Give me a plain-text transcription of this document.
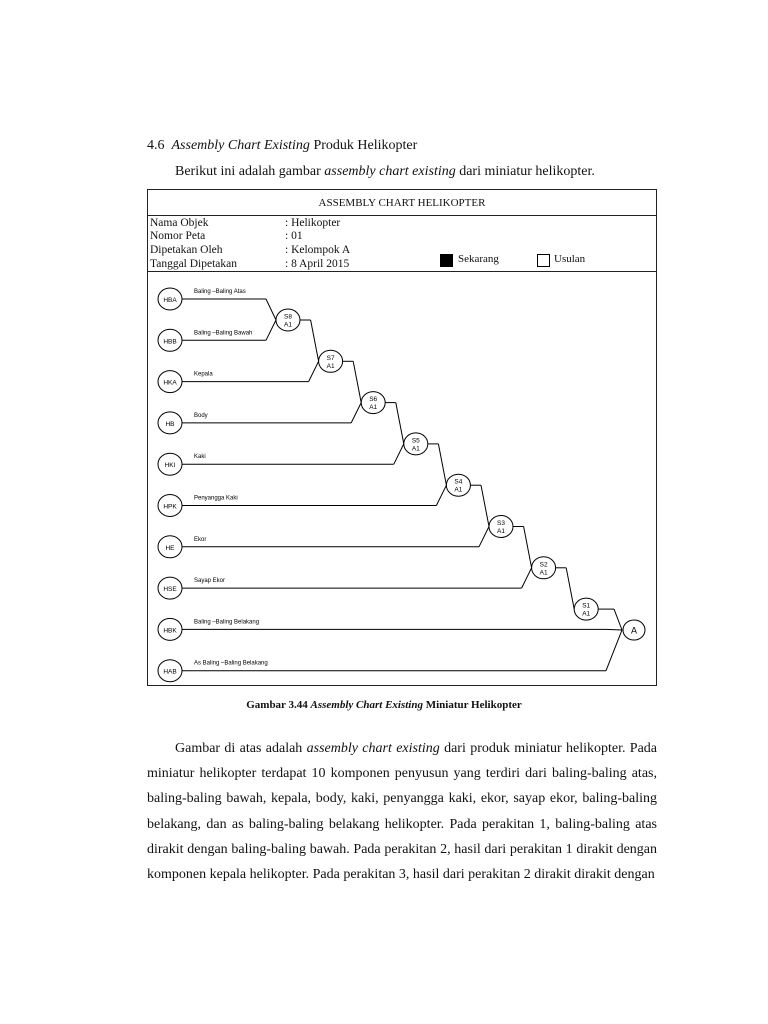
4.6 Assembly Chart Existing Produk Helikopter
Berikut ini adalah gambar assembly chart existing dari miniatur helikopter.
ASSEMBLY CHART HELIKOPTER
Nama Objek	: Helikopter
Nomor Peta	: 01
Dipetakan Oleh	: Kelompok A
Tanggal Dipetakan	: 8 April 2015	Sekarang	Usulan
HBA
Baling –Baling Atas
HBB
Baling –Baling Bawah
HKA
Kepala
HB
Body
HKI
Kaki
HPK
Penyangga Kaki
HE
Ekor
HSE
Sayap Ekor
HBK
Baling –Baling Belakang
HAB
As Baling –Baling Belakang
S8
A1
S7
A1
S6
A1
S5
A1
S4
A1
S3
A1
S2
A1
S1
A1
A
Gambar 3.44 Assembly Chart Existing Miniatur Helikopter

Gambar di atas adalah assembly chart existing dari produk miniatur helikopter. Pada miniatur helikopter terdapat 10 komponen penyusun yang terdiri dari baling-baling atas, baling-baling bawah, kepala, body, kaki, penyangga kaki, ekor, sayap ekor, baling-baling belakang, dan as baling-baling belakang helikopter. Pada perakitan 1, baling-baling atas dirakit dengan baling-baling bawah. Pada perakitan 2, hasil dari perakitan 1 dirakit dengan komponen kepala helikopter. Pada perakitan 3, hasil dari perakitan 2 dirakit dirakit dengan
